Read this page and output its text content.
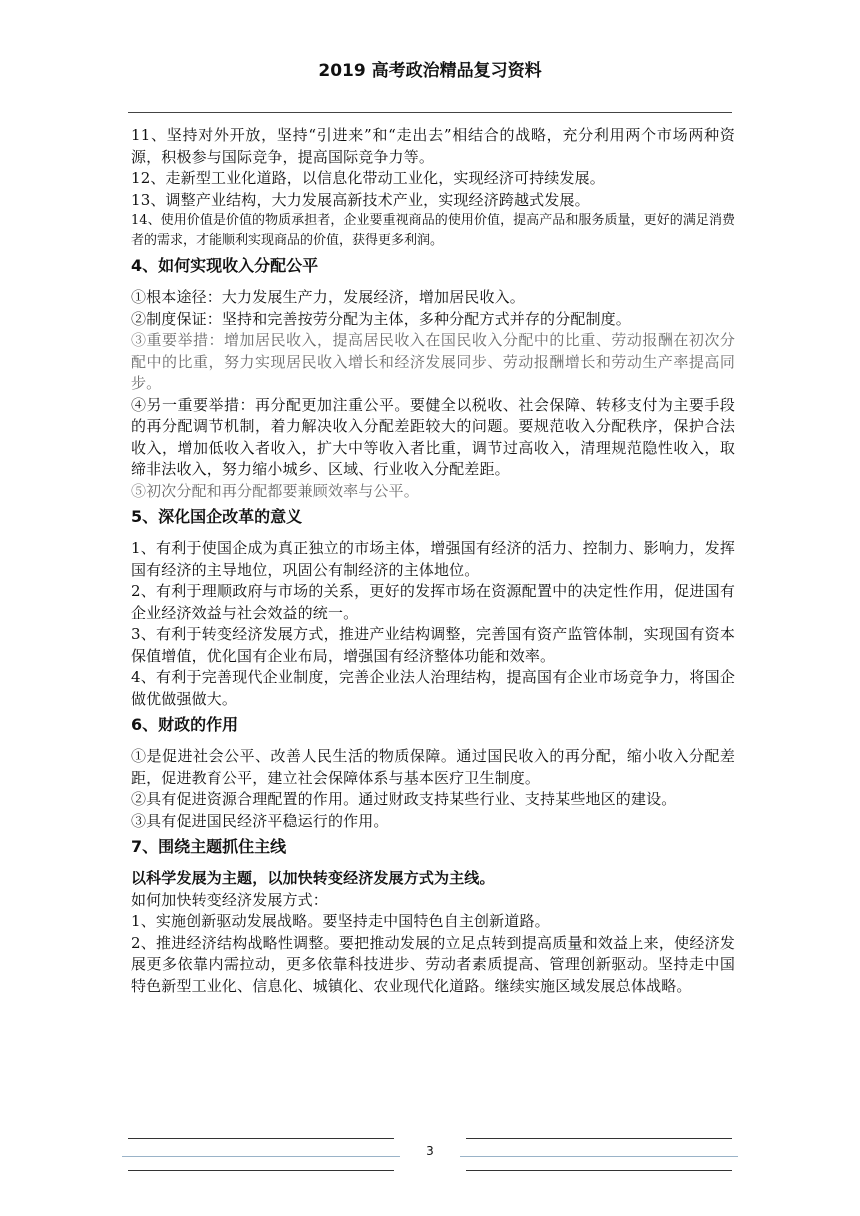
2019 高考政治精品复习资料

11、坚持对外开放，坚持“引进来”和“走出去”相结合的战略，充分利用两个市场两种资源，积极参与国际竞争，提高国际竞争力等。

12、走新型工业化道路，以信息化带动工业化，实现经济可持续发展。

13、调整产业结构，大力发展高新技术产业，实现经济跨越式发展。

14、使用价值是价值的物质承担者，企业要重视商品的使用价值，提高产品和服务质量，更好的满足消费者的需求，才能顺利实现商品的价值，获得更多利润。

4、如何实现收入分配公平

①根本途径：大力发展生产力，发展经济，增加居民收入。

②制度保证：坚持和完善按劳分配为主体，多种分配方式并存的分配制度。

③重要举措：增加居民收入，提高居民收入在国民收入分配中的比重、劳动报酬在初次分配中的比重，努力实现居民收入增长和经济发展同步、劳动报酬增长和劳动生产率提高同步。

④另一重要举措：再分配更加注重公平。要健全以税收、社会保障、转移支付为主要手段的再分配调节机制，着力解决收入分配差距较大的问题。要规范收入分配秩序，保护合法收入，增加低收入者收入，扩大中等收入者比重，调节过高收入，清理规范隐性收入，取缔非法收入，努力缩小城乡、区域、行业收入分配差距。

⑤初次分配和再分配都要兼顾效率与公平。

5、深化国企改革的意义

1、有利于使国企成为真正独立的市场主体，增强国有经济的活力、控制力、影响力，发挥国有经济的主导地位，巩固公有制经济的主体地位。

2、有利于理顺政府与市场的关系，更好的发挥市场在资源配置中的决定性作用，促进国有企业经济效益与社会效益的统一。

3、有利于转变经济发展方式，推进产业结构调整，完善国有资产监管体制，实现国有资本保值增值，优化国有企业布局，增强国有经济整体功能和效率。

4、有利于完善现代企业制度，完善企业法人治理结构，提高国有企业市场竞争力，将国企做优做强做大。

6、财政的作用

①是促进社会公平、改善人民生活的物质保障。通过国民收入的再分配，缩小收入分配差距，促进教育公平，建立社会保障体系与基本医疗卫生制度。

②具有促进资源合理配置的作用。通过财政支持某些行业、支持某些地区的建设。

③具有促进国民经济平稳运行的作用。

7、围绕主题抓住主线

以科学发展为主题，以加快转变经济发展方式为主线。

如何加快转变经济发展方式：

1、实施创新驱动发展战略。要坚持走中国特色自主创新道路。

2、推进经济结构战略性调整。要把推动发展的立足点转到提高质量和效益上来，使经济发展更多依靠内需拉动，更多依靠科技进步、劳动者素质提高、管理创新驱动。坚持走中国特色新型工业化、信息化、城镇化、农业现代化道路。继续实施区域发展总体战略。

3
